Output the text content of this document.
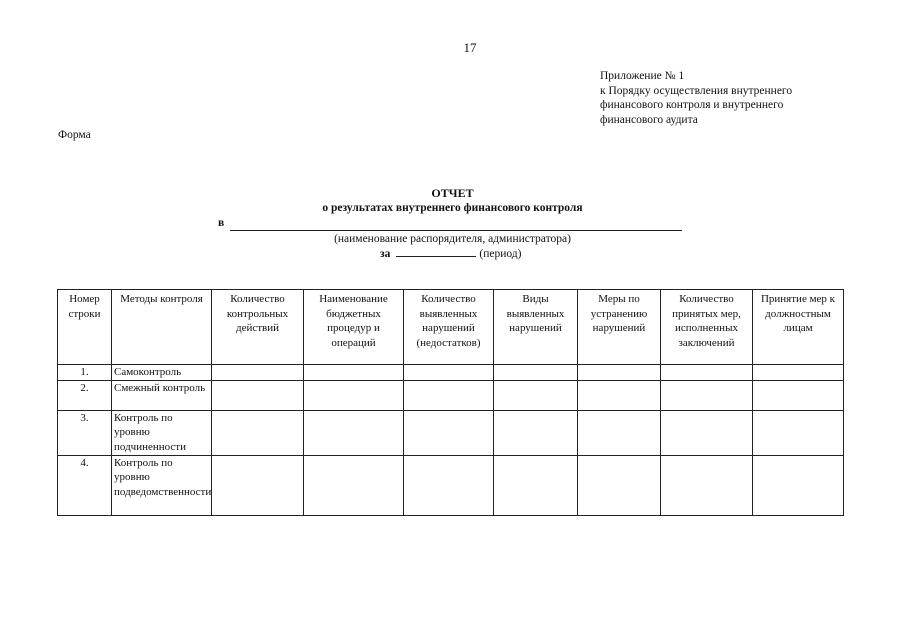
17
Приложение № 1
к Порядку осуществления внутреннего
финансового контроля и внутреннего
финансового аудита
Форма
ОТЧЕТ
о результатах внутреннего финансового контроля
в
(наименование распорядителя, администратора)
за	(период)
Номер строки	Методы контроля	Количество контрольных действий	Наименование бюджетных процедур и операций	Количество выявленных нарушений (недостатков)	Виды выявленных нарушений	Меры по устранению нарушений	Количество принятых мер, исполненных заключений	Принятие мер к должностным лицам
1.	Самоконтроль							
2.	Смежный контроль							
3.	Контроль по уровню подчиненности							
4.	Контроль по уровню подведомственности							
